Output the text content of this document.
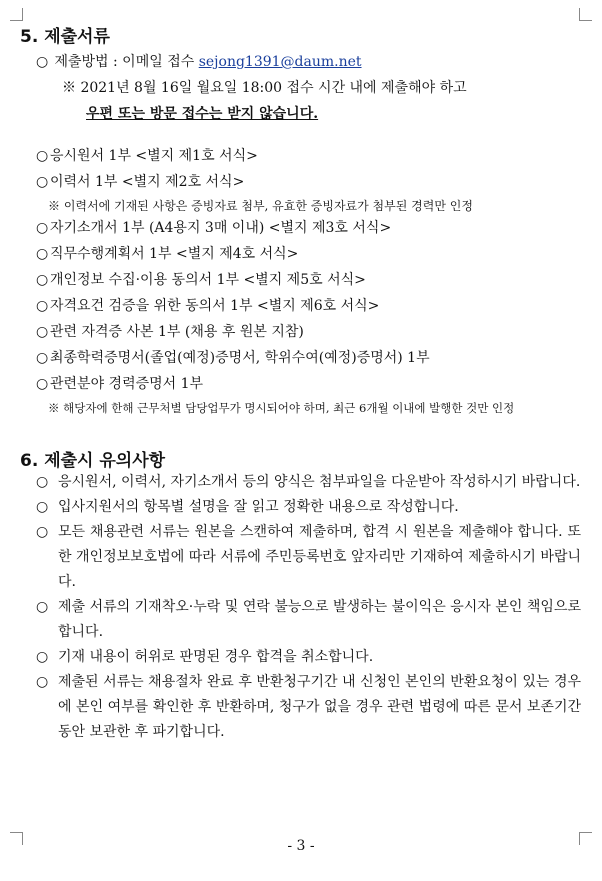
5. 제출서류
○ 제출방법 : 이메일 접수 sejong1391@daum.net
※ 2021년 8월 16일 월요일 18:00 접수 시간 내에 제출해야 하고
우편 또는 방문 접수는 받지 않습니다.
○ 응시원서 1부 <별지 제1호 서식>
○ 이력서 1부 <별지 제2호 서식>
※ 이력서에 기재된 사항은 증빙자료 첨부, 유효한 증빙자료가 첨부된 경력만 인정
○ 자기소개서 1부 (A4용지 3매 이내) <별지 제3호 서식>
○ 직무수행계획서 1부 <별지 제4호 서식>
○ 개인정보 수집·이용 동의서 1부 <별지 제5호 서식>
○ 자격요건 검증을 위한 동의서 1부 <별지 제6호 서식>
○ 관련 자격증 사본 1부 (채용 후 원본 지참)
○ 최종학력증명서(졸업(예정)증명서, 학위수여(예정)증명서) 1부
○ 관련분야 경력증명서 1부
※ 해당자에 한해 근무처별 담당업무가 명시되어야 하며, 최근 6개월 이내에 발행한 것만 인정
6. 제출시 유의사항
○ 응시원서, 이력서, 자기소개서 등의 양식은 첨부파일을 다운받아 작성하시기 바랍니다.
○ 입사지원서의 항목별 설명을 잘 읽고 정확한 내용으로 작성합니다.
○ 모든 채용관련 서류는 원본을 스캔하여 제출하며, 합격 시 원본을 제출해야 합니다. 또한 개인정보보호법에 따라 서류에 주민등록번호 앞자리만 기재하여 제출하시기 바랍니다.
○ 제출 서류의 기재착오·누락 및 연락 불능으로 발생하는 불이익은 응시자 본인 책임으로 합니다.
○ 기재 내용이 허위로 판명된 경우 합격을 취소합니다.
○ 제출된 서류는 채용절차 완료 후 반환청구기간 내 신청인 본인의 반환요청이 있는 경우에 본인 여부를 확인한 후 반환하며, 청구가 없을 경우 관련 법령에 따른 문서 보존기간 동안 보관한 후 파기합니다.
- 3 -
